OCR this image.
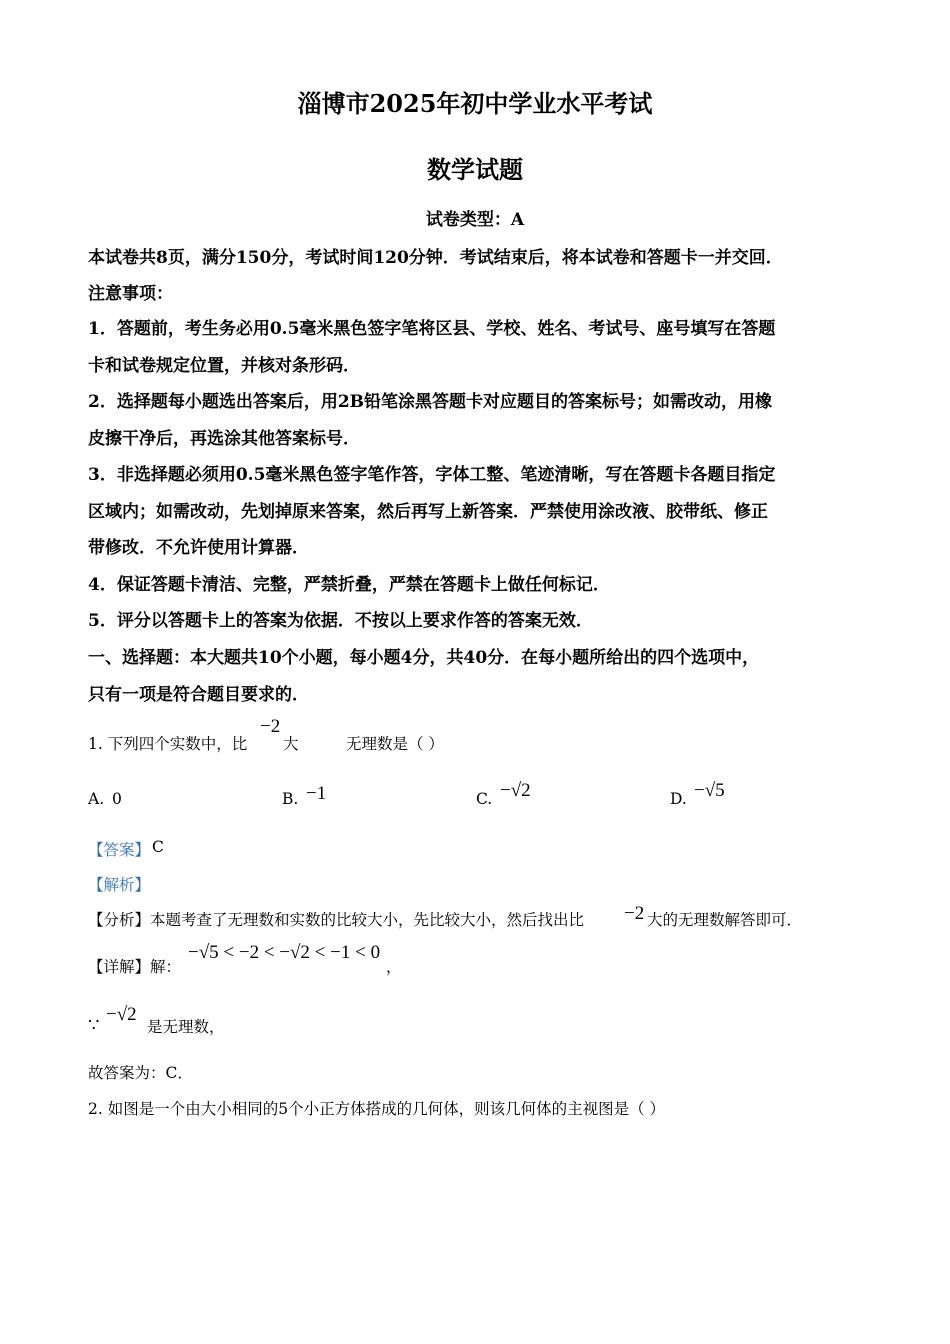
淄博市2025年初中学业水平考试
数学试题
试卷类型：A
本试卷共8页，满分150分，考试时间120分钟．考试结束后，将本试卷和答题卡一并交回．
注意事项：
1．答题前，考生务必用0.5毫米黑色签字笔将区县、学校、姓名、考试号、座号填写在答题
卡和试卷规定位置，并核对条形码．
2．选择题每小题选出答案后，用2B铅笔涂黑答题卡对应题目的答案标号；如需改动，用橡
皮擦干净后，再选涂其他答案标号．
3．非选择题必须用0.5毫米黑色签字笔作答，字体工整、笔迹清晰，写在答题卡各题目指定
区域内；如需改动，先划掉原来答案，然后再写上新答案．严禁使用涂改液、胶带纸、修正
带修改．不允许使用计算器．
4．保证答题卡清洁、完整，严禁折叠，严禁在答题卡上做任何标记．
5．评分以答题卡上的答案为依据．不按以上要求作答的答案无效．
一、选择题：本大题共10个小题，每小题4分，共40分．在每小题所给出的四个选项中，
只有一项是符合题目要求的．
1. 下列四个实数中，比
−2
大	无理数是（ ）
A. 0	B. −1	C. −√2	D. −√5
【答案】 C
【解析】
【分析】本题考查了无理数和实数的比较大小，先比较大小，然后找出比 −2 大的无理数解答即可．
【详解】解：
−√5 < −2 < −√2 < −1 < 0
，
∵
−√2
是无理数，
故答案为：C．
2. 如图是一个由大小相同的5个小正方体搭成的几何体，则该几何体的主视图是（ ）
